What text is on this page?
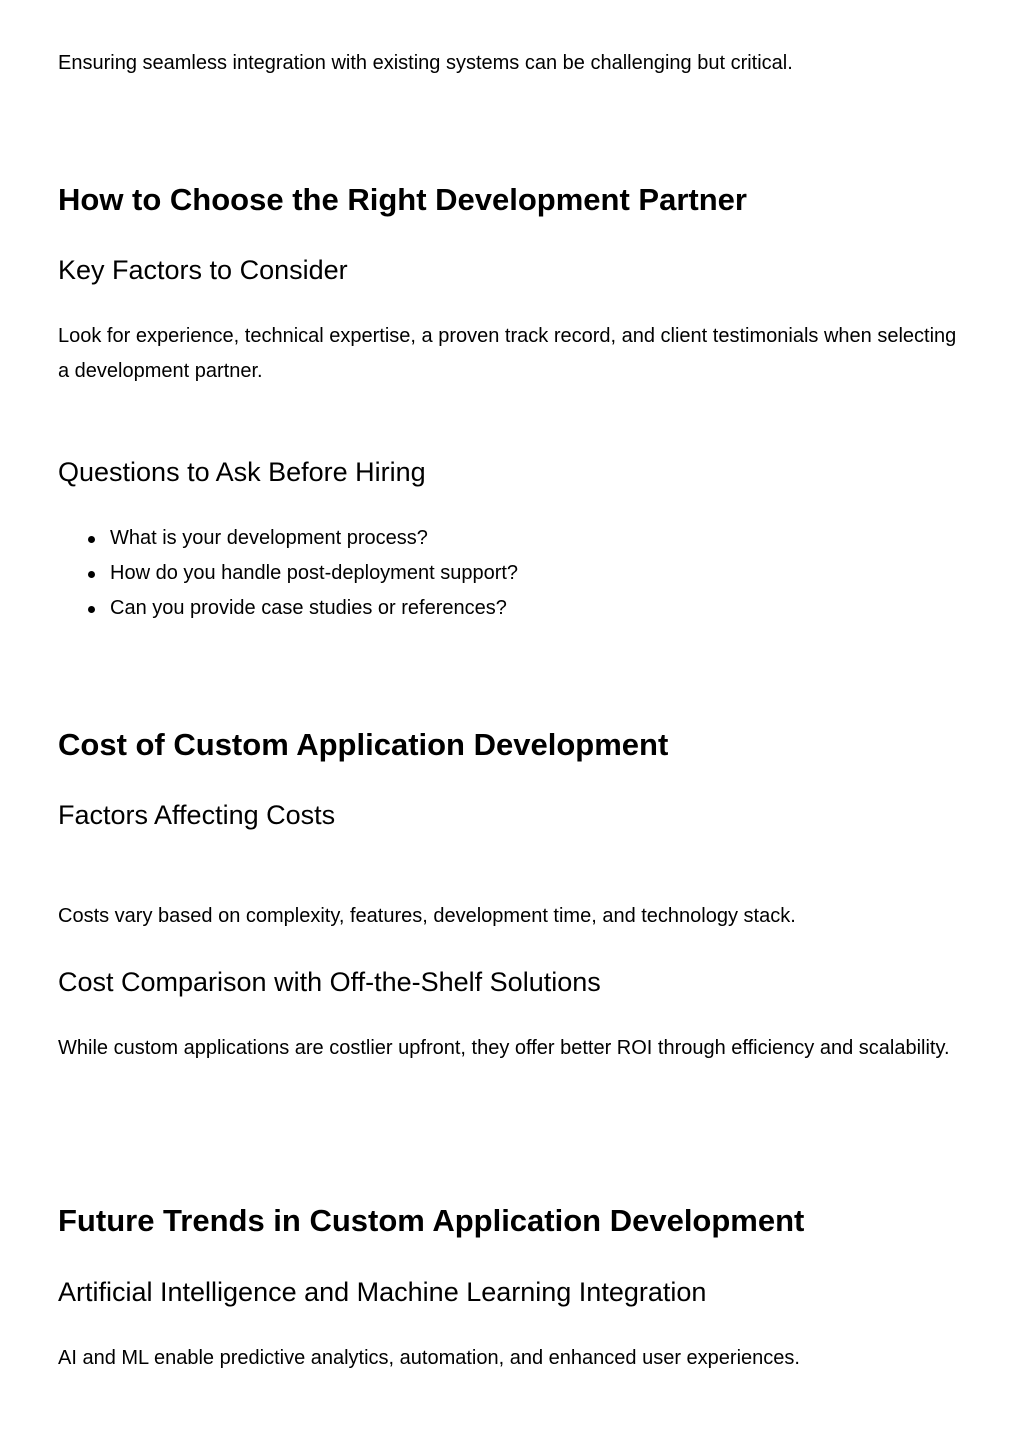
Ensuring seamless integration with existing systems can be challenging but critical.

How to Choose the Right Development Partner
Key Factors to Consider

Look for experience, technical expertise, a proven track record, and client testimonials when selecting a development partner.

Questions to Ask Before Hiring
What is your development process?
How do you handle post-deployment support?
Can you provide case studies or references?
Cost of Custom Application Development
Factors Affecting Costs

Costs vary based on complexity, features, development time, and technology stack.

Cost Comparison with Off-the-Shelf Solutions

While custom applications are costlier upfront, they offer better ROI through efficiency and scalability.

Future Trends in Custom Application Development
Artificial Intelligence and Machine Learning Integration

AI and ML enable predictive analytics, automation, and enhanced user experiences.
